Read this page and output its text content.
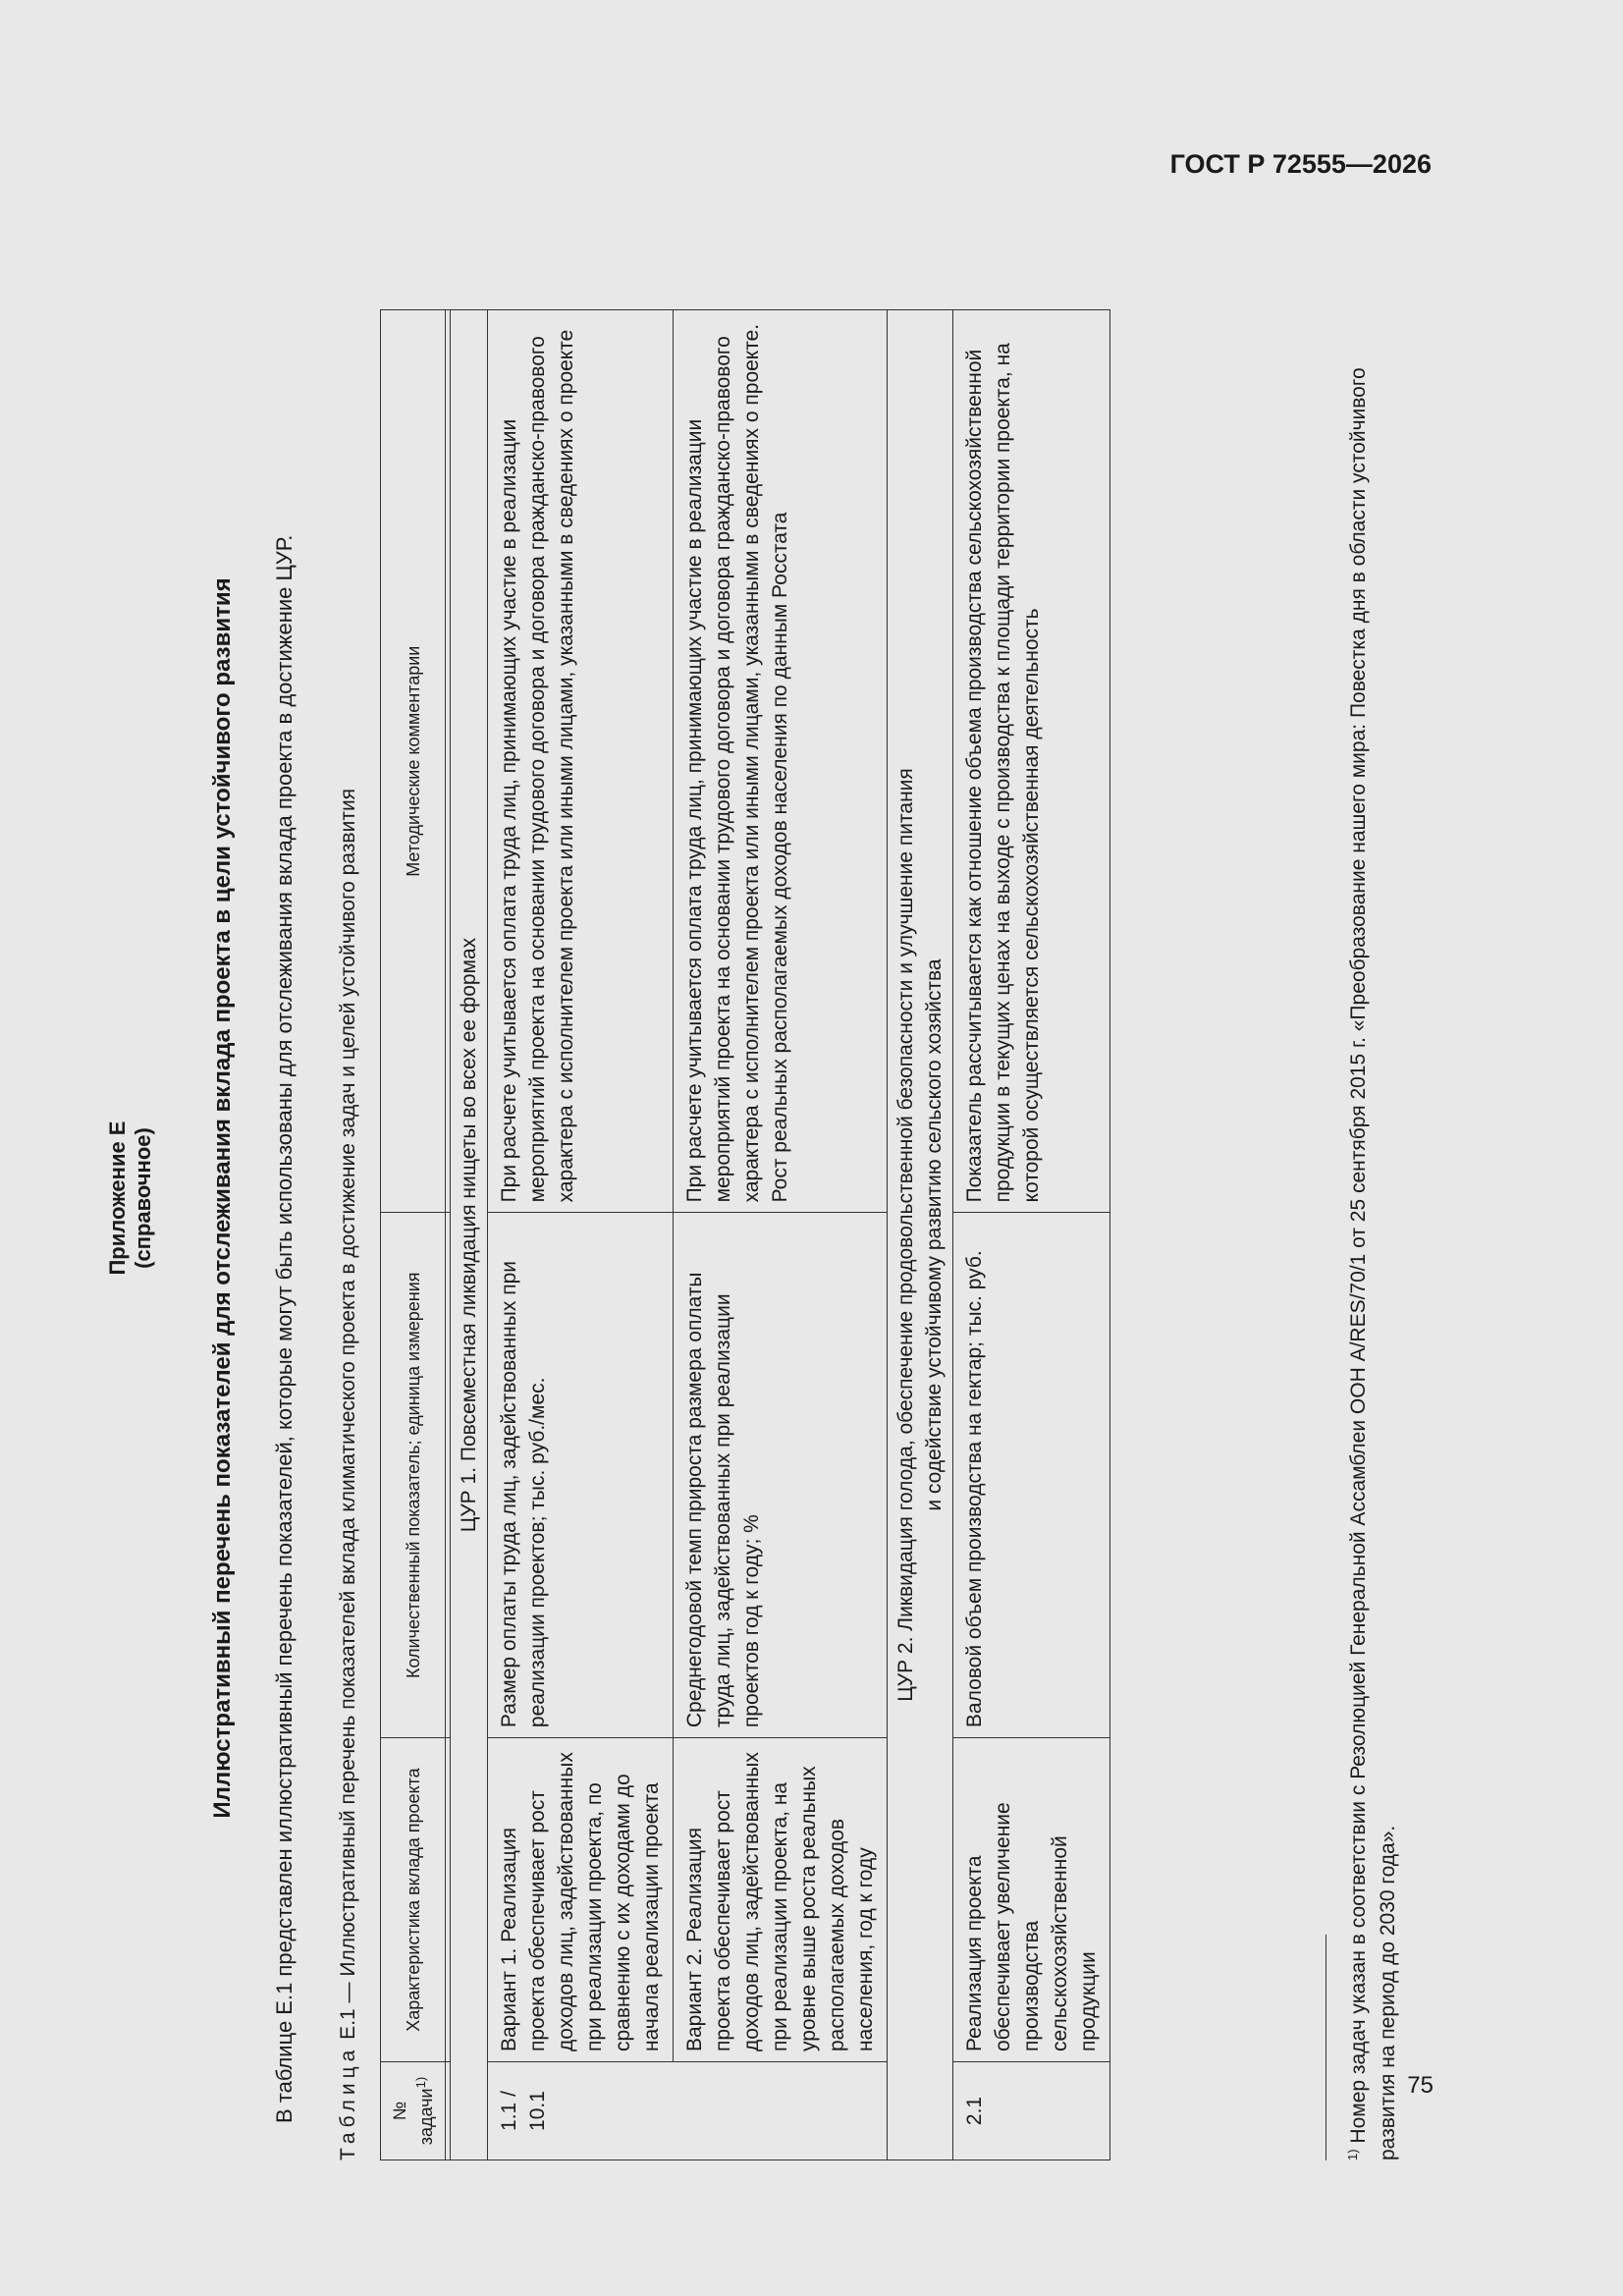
ГОСТ Р 72555—2026
Приложение Е (справочное) Иллюстративный перечень показателей для отслеживания вклада проекта в цели устойчивого развития В таблице Е.1 представлен иллюстративный перечень показателей, которые могут быть использованы для отслеживания вклада проекта в достижение ЦУР. Таблица Е.1 — Иллюстративный перечень показателей вклада климатического проекта в достижение задач и целей устойчивого развития
№ задачи$^{1)}$	Характеристика вклада проекта	Количественный показатель; единица измерения	Методические комментарии

ЦУР 1. Повсеместная ликвидация нищеты во всех ее формах			
1.1 / 10.1	Вариант 1. Реализация проекта обеспечивает рост доходов лиц, задействованных при реализации проекта, по сравнению с их доходами до начала реализации проекта	Размер оплаты труда лиц, задействованных при реализации проектов; тыс. руб./мес.	При расчете учитывается оплата труда лиц, принимающих участие в реализации мероприятий проекта на основании трудового договора и договора гражданско-правового характера с исполнителем проекта или иными лицами, указанными в сведениях о проекте
	Вариант 2. Реализация проекта обеспечивает рост доходов лиц, задействованных при реализации проекта, на уровне выше роста реальных располагаемых доходов населения, год к году	Среднегодовой темп прироста размера оплаты труда лиц, задействованных при реализации проектов год к году; %	При расчете учитывается оплата труда лиц, принимающих участие в реализации мероприятий проекта на основании трудового договора и договора гражданско-правового характера с исполнителем проекта или иными лицами, указанными в сведениях о проекте. Рост реальных располагаемых доходов населения по данным Росстата

ЦУР 2. Ликвидация голода, обеспечение продовольственной безопасности и улучшение питания и содействие устойчивому развитию сельского хозяйства			

2.1	Реализация проекта обеспечивает увеличение производства сельскохозяйственной продукции	Валовой объем производства на гектар; тыс. руб.	Показатель рассчитывается как отношение объема производства сельскохозяйственной продукции в текущих ценах на выходе с производства к площади территории проекта, на которой осуществляется сельскохозяйственная деятельность
$^{1)}$ Номер задач указан в соответствии с Резолюцией Генеральной Ассамблеи ООН A/RES/70/1 от 25 сентября 2015 г. «Преобразование нашего мира: Повестка дня в области устойчивого развития на период до 2030 года». 75
